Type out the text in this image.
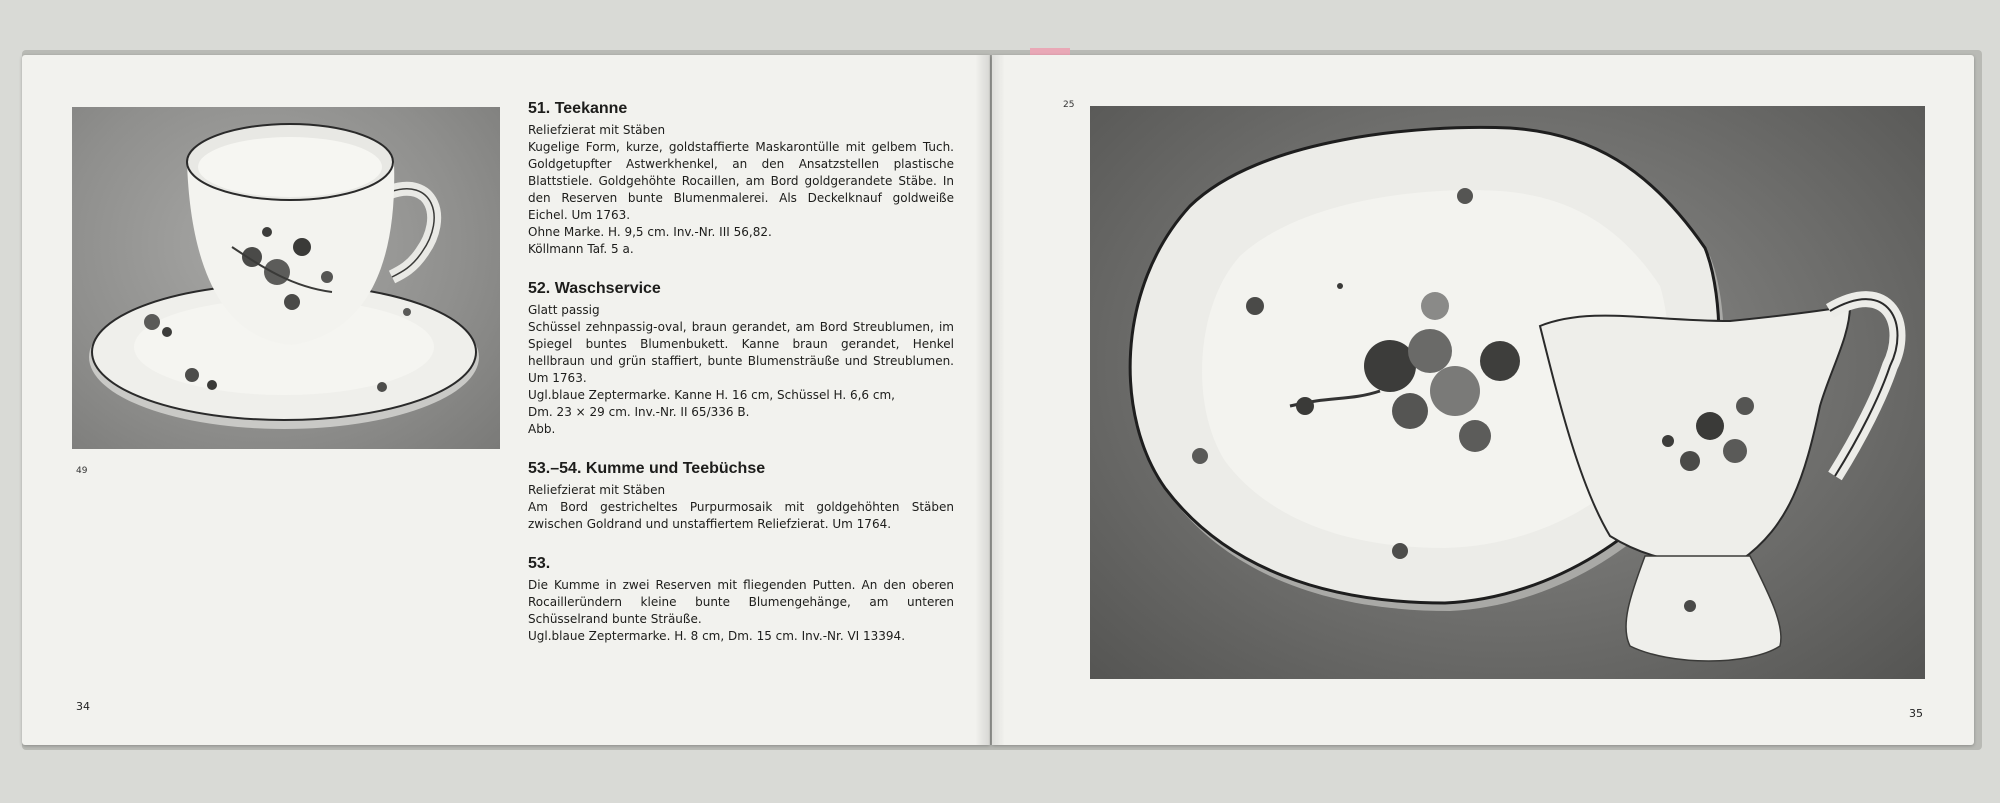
49

51. Teekanne

Reliefzierat mit Stäben

Kugelige Form, kurze, goldstaffierte Maskarontülle mit gelbem Tuch. Goldgetupfter Astwerkhenkel, an den Ansatzstellen plastische Blattstiele. Goldgehöhte Rocaillen, am Bord goldgerandete Stäbe. In den Reserven bunte Blumenmalerei. Als Deckelknauf goldweiße Eichel. Um 1763.

Ohne Marke. H. 9,5 cm. Inv.-Nr. III 56,82.

Köllmann Taf. 5 a.

52. Waschservice

Glatt passig

Schüssel zehnpassig-oval, braun gerandet, am Bord Streublumen, im Spiegel buntes Blumenbukett. Kanne braun gerandet, Henkel hellbraun und grün staffiert, bunte Blumensträuße und Streublumen. Um 1763.

Ugl.blaue Zeptermarke. Kanne H. 16 cm, Schüssel H. 6,6 cm,

Dm. 23 × 29 cm. Inv.-Nr. II 65/336 B.

Abb.

53.–54. Kumme und Teebüchse

Reliefzierat mit Stäben

Am Bord gestricheltes Purpurmosaik mit goldgehöhten Stäben zwischen Goldrand und unstaffiertem Reliefzierat. Um 1764.

53.

Die Kumme in zwei Reserven mit fliegenden Putten. An den oberen Rocailleründern kleine bunte Blumengehänge, am unteren Schüsselrand bunte Sträuße.

Ugl.blaue Zeptermarke. H. 8 cm, Dm. 15 cm. Inv.-Nr. VI 13394.

34
25
35
